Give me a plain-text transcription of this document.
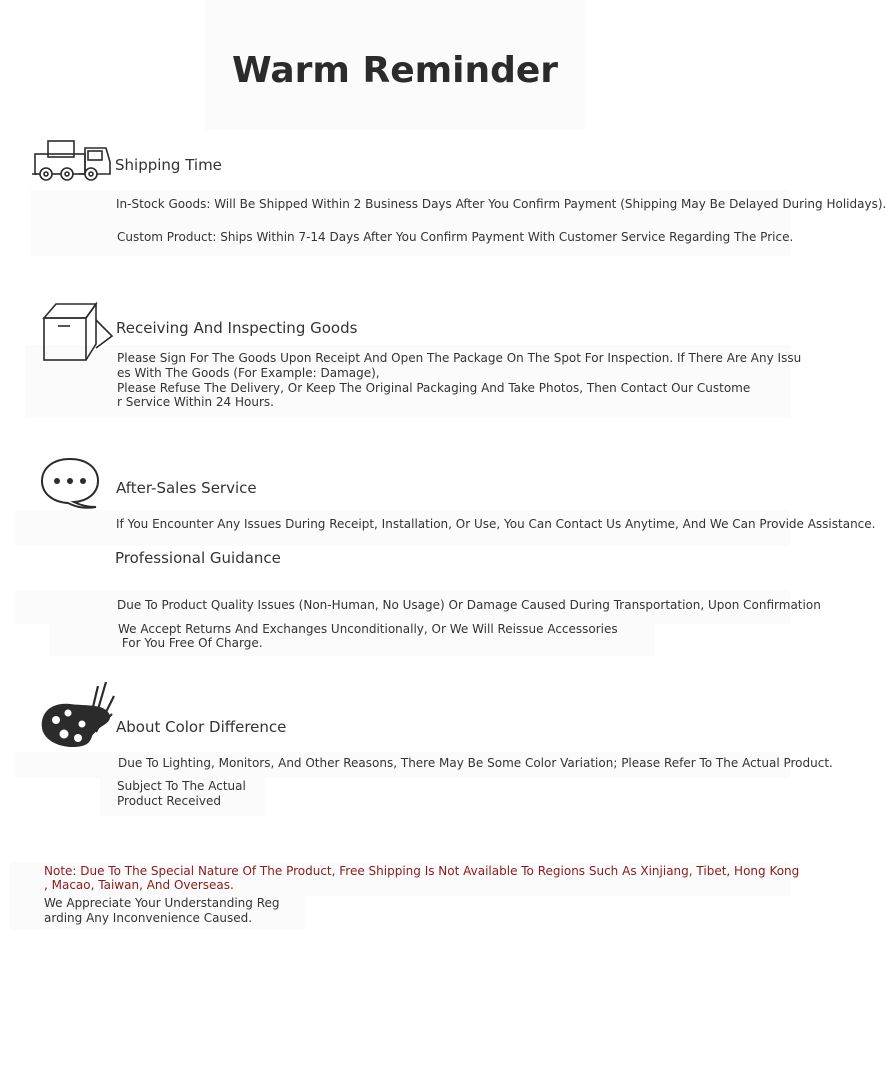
Warm Reminder
Shipping Time
In-Stock Goods: Will Be Shipped Within 2 Business Days After You Confirm Payment (Shipping May Be Delayed During Holidays).
Custom Product: Ships Within 7-14 Days After You Confirm Payment With Customer Service Regarding The Price.
Receiving And Inspecting Goods
Please Sign For The Goods Upon Receipt And Open The Package On The Spot For Inspection. If There Are Any Issu
es With The Goods (For Example: Damage),
Please Refuse The Delivery, Or Keep The Original Packaging And Take Photos, Then Contact Our Custome
r Service Within 24 Hours.
After-Sales Service
If You Encounter Any Issues During Receipt, Installation, Or Use, You Can Contact Us Anytime, And We Can Provide Assistance.
Professional Guidance
Due To Product Quality Issues (Non-Human, No Usage) Or Damage Caused During Transportation, Upon Confirmation
We Accept Returns And Exchanges Unconditionally, Or We Will Reissue Accessories
For You Free Of Charge.
About Color Difference
Due To Lighting, Monitors, And Other Reasons, There May Be Some Color Variation; Please Refer To The Actual Product.
Subject To The Actual
Product Received
Note: Due To The Special Nature Of The Product, Free Shipping Is Not Available To Regions Such As Xinjiang, Tibet, Hong Kong
, Macao, Taiwan, And Overseas.
We Appreciate Your Understanding Reg
arding Any Inconvenience Caused.
